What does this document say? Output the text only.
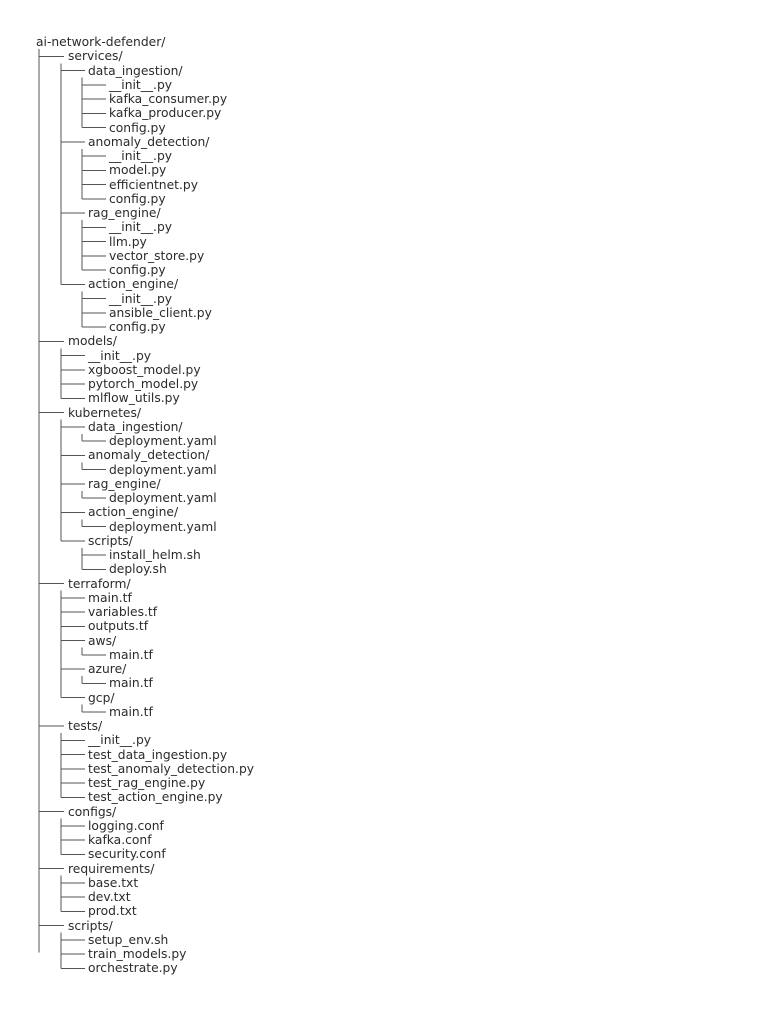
ai-network-defender/
services/
data_ingestion/
__init__.py
kafka_consumer.py
kafka_producer.py
config.py
anomaly_detection/
__init__.py
model.py
efficientnet.py
config.py
rag_engine/
__init__.py
llm.py
vector_store.py
config.py
action_engine/
__init__.py
ansible_client.py
config.py
models/
__init__.py
xgboost_model.py
pytorch_model.py
mlflow_utils.py
kubernetes/
data_ingestion/
deployment.yaml
anomaly_detection/
deployment.yaml
rag_engine/
deployment.yaml
action_engine/
deployment.yaml
scripts/
install_helm.sh
deploy.sh
terraform/
main.tf
variables.tf
outputs.tf
aws/
main.tf
azure/
main.tf
gcp/
main.tf
tests/
__init__.py
test_data_ingestion.py
test_anomaly_detection.py
test_rag_engine.py
test_action_engine.py
configs/
logging.conf
kafka.conf
security.conf
requirements/
base.txt
dev.txt
prod.txt
scripts/
setup_env.sh
train_models.py
orchestrate.py
